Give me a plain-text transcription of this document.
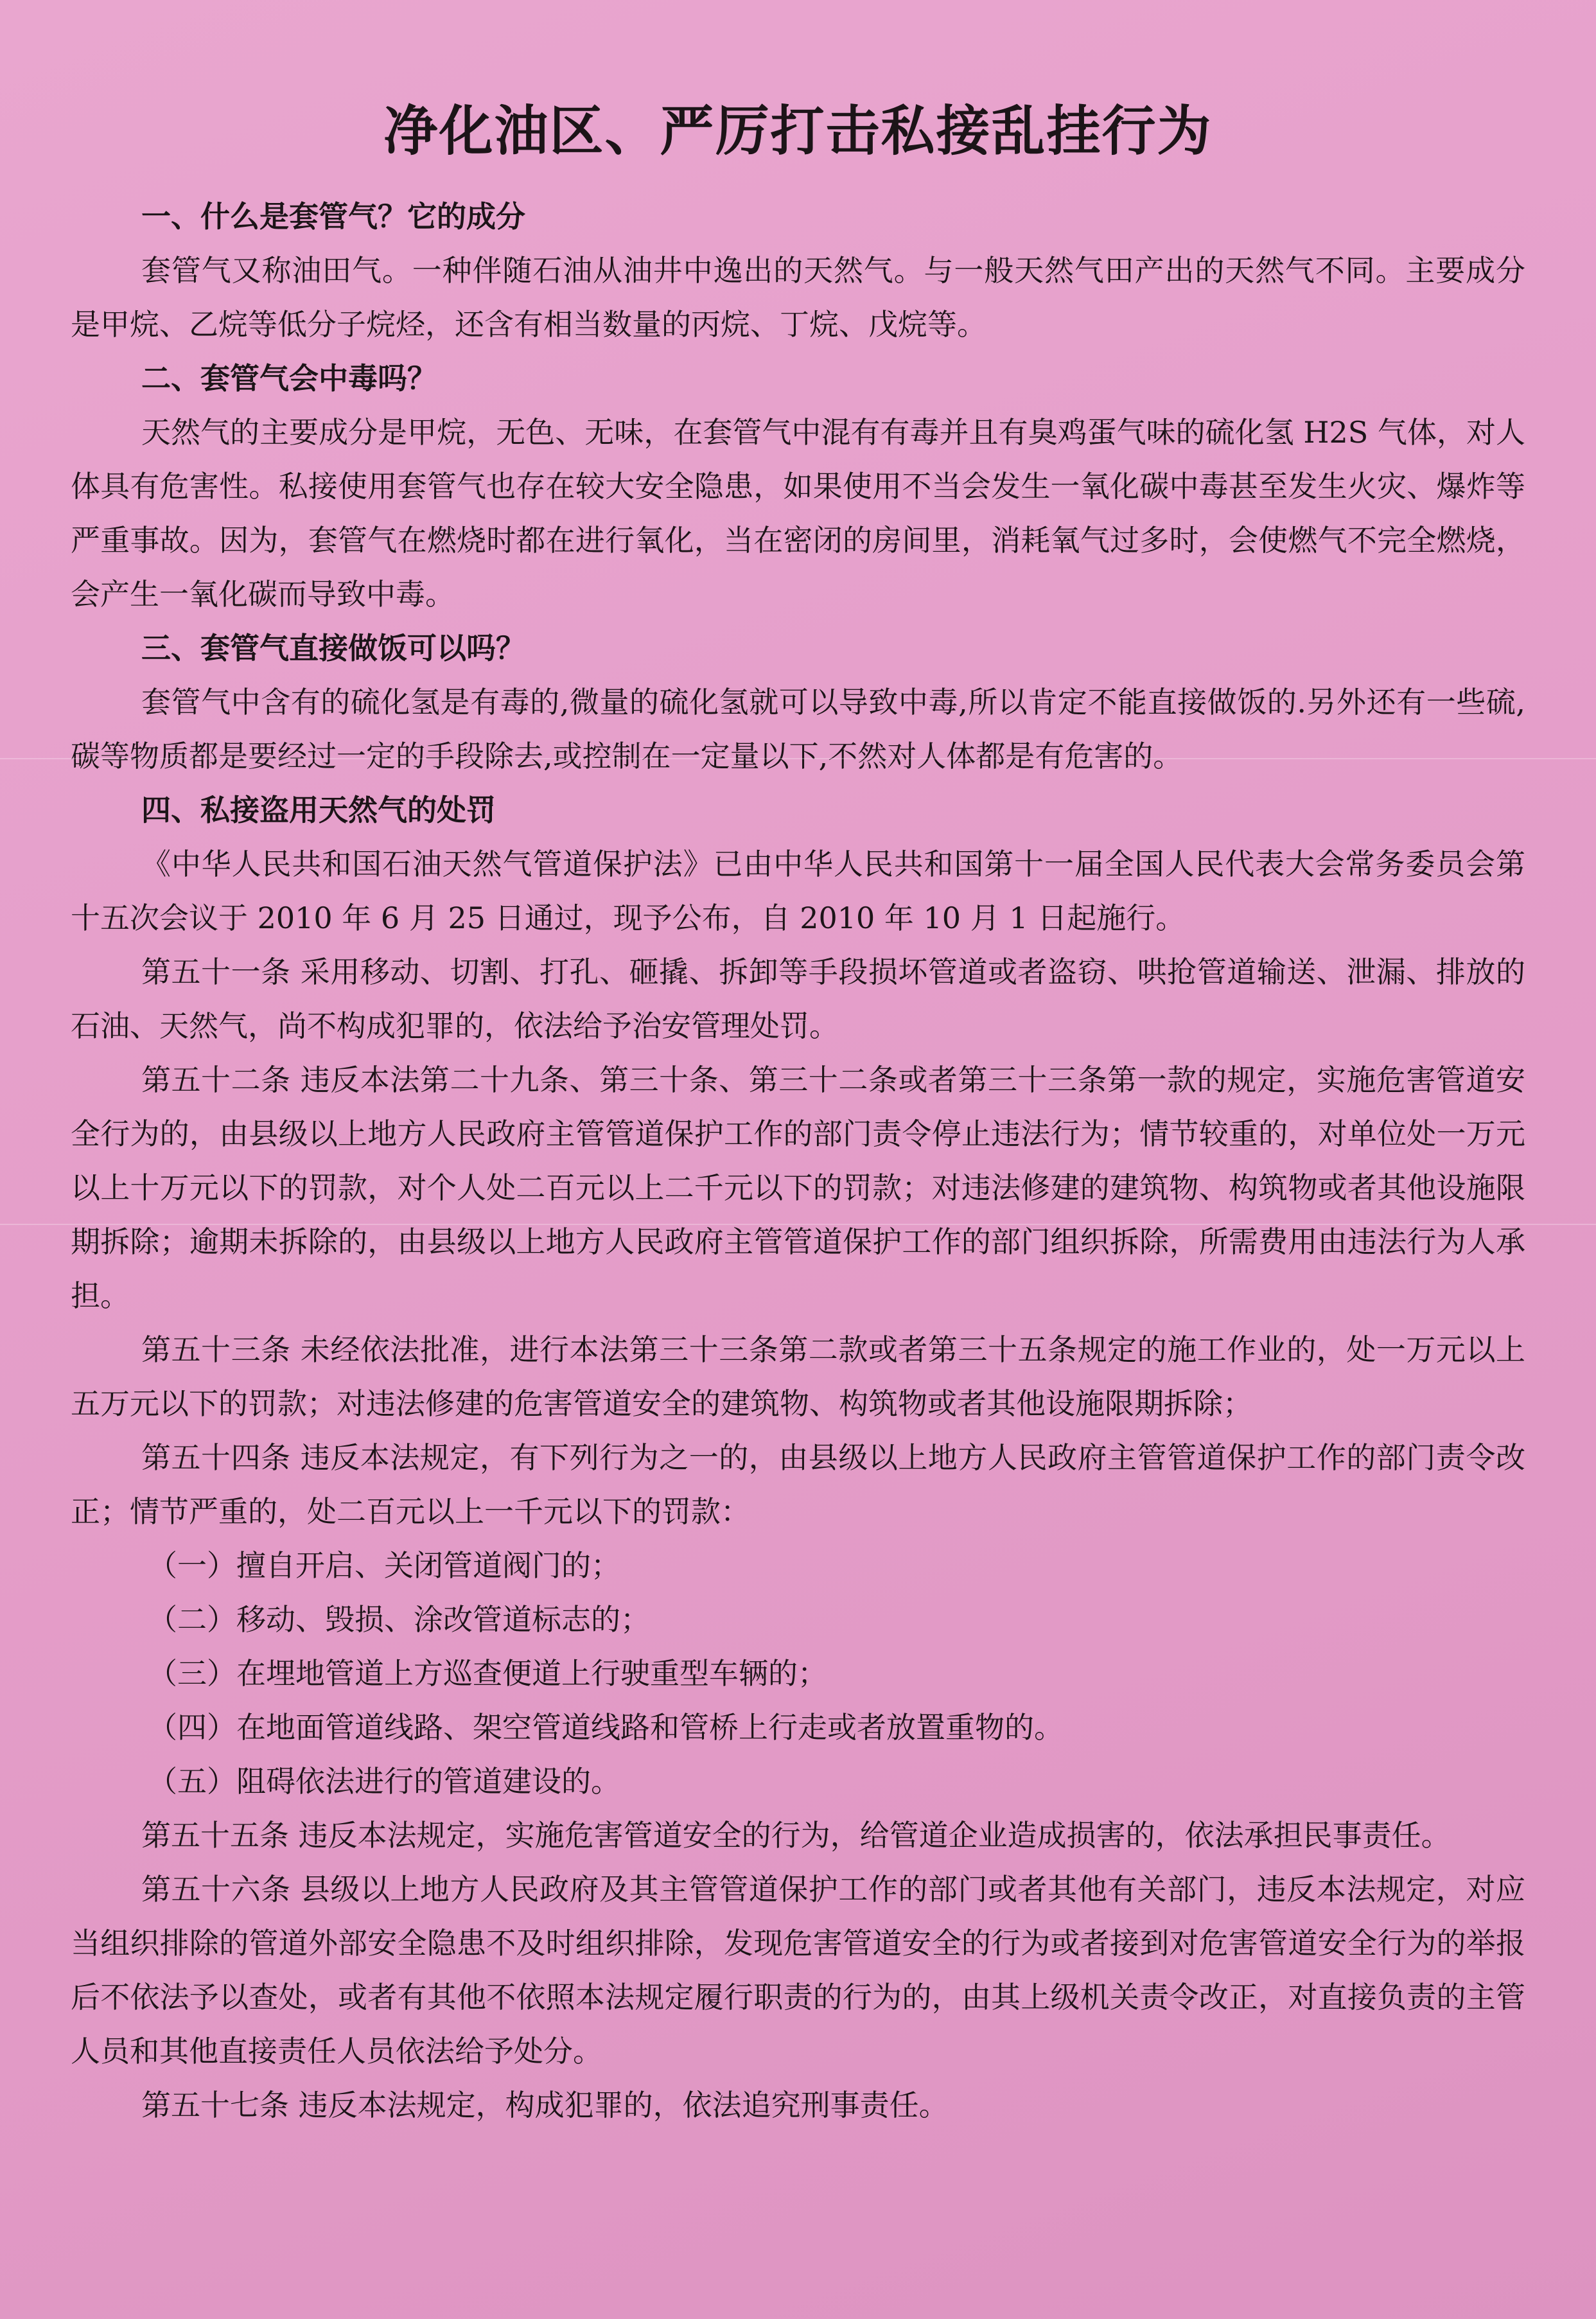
净化油区、严厉打击私接乱挂行为

一、什么是套管气？它的成分

套管气又称油田气。一种伴随石油从油井中逸出的天然气。与一般天然气田产出的天然气不同。主要成分是甲烷、乙烷等低分子烷烃，还含有相当数量的丙烷、丁烷、戊烷等。

二、套管气会中毒吗？

天然气的主要成分是甲烷，无色、无味，在套管气中混有有毒并且有臭鸡蛋气味的硫化氢 H2S 气体，对人体具有危害性。私接使用套管气也存在较大安全隐患，如果使用不当会发生一氧化碳中毒甚至发生火灾、爆炸等严重事故。因为，套管气在燃烧时都在进行氧化，当在密闭的房间里，消耗氧气过多时，会使燃气不完全燃烧，会产生一氧化碳而导致中毒。

三、套管气直接做饭可以吗？

套管气中含有的硫化氢是有毒的,微量的硫化氢就可以导致中毒,所以肯定不能直接做饭的.另外还有一些硫,碳等物质都是要经过一定的手段除去,或控制在一定量以下,不然对人体都是有危害的。

四、私接盗用天然气的处罚

《中华人民共和国石油天然气管道保护法》已由中华人民共和国第十一届全国人民代表大会常务委员会第十五次会议于 2010 年 6 月 25 日通过，现予公布，自 2010 年 10 月 1 日起施行。

第五十一条 采用移动、切割、打孔、砸撬、拆卸等手段损坏管道或者盗窃、哄抢管道输送、泄漏、排放的石油、天然气，尚不构成犯罪的，依法给予治安管理处罚。

第五十二条 违反本法第二十九条、第三十条、第三十二条或者第三十三条第一款的规定，实施危害管道安全行为的，由县级以上地方人民政府主管管道保护工作的部门责令停止违法行为；情节较重的，对单位处一万元以上十万元以下的罚款，对个人处二百元以上二千元以下的罚款；对违法修建的建筑物、构筑物或者其他设施限期拆除；逾期未拆除的，由县级以上地方人民政府主管管道保护工作的部门组织拆除，所需费用由违法行为人承担。

第五十三条 未经依法批准，进行本法第三十三条第二款或者第三十五条规定的施工作业的，处一万元以上五万元以下的罚款；对违法修建的危害管道安全的建筑物、构筑物或者其他设施限期拆除；

第五十四条 违反本法规定，有下列行为之一的，由县级以上地方人民政府主管管道保护工作的部门责令改正；情节严重的，处二百元以上一千元以下的罚款：

（一）擅自开启、关闭管道阀门的；

（二）移动、毁损、涂改管道标志的；

（三）在埋地管道上方巡查便道上行驶重型车辆的；

（四）在地面管道线路、架空管道线路和管桥上行走或者放置重物的。

（五）阻碍依法进行的管道建设的。

第五十五条 违反本法规定，实施危害管道安全的行为，给管道企业造成损害的，依法承担民事责任。

第五十六条 县级以上地方人民政府及其主管管道保护工作的部门或者其他有关部门，违反本法规定，对应当组织排除的管道外部安全隐患不及时组织排除，发现危害管道安全的行为或者接到对危害管道安全行为的举报后不依法予以查处，或者有其他不依照本法规定履行职责的行为的，由其上级机关责令改正，对直接负责的主管人员和其他直接责任人员依法给予处分。

第五十七条 违反本法规定，构成犯罪的，依法追究刑事责任。
